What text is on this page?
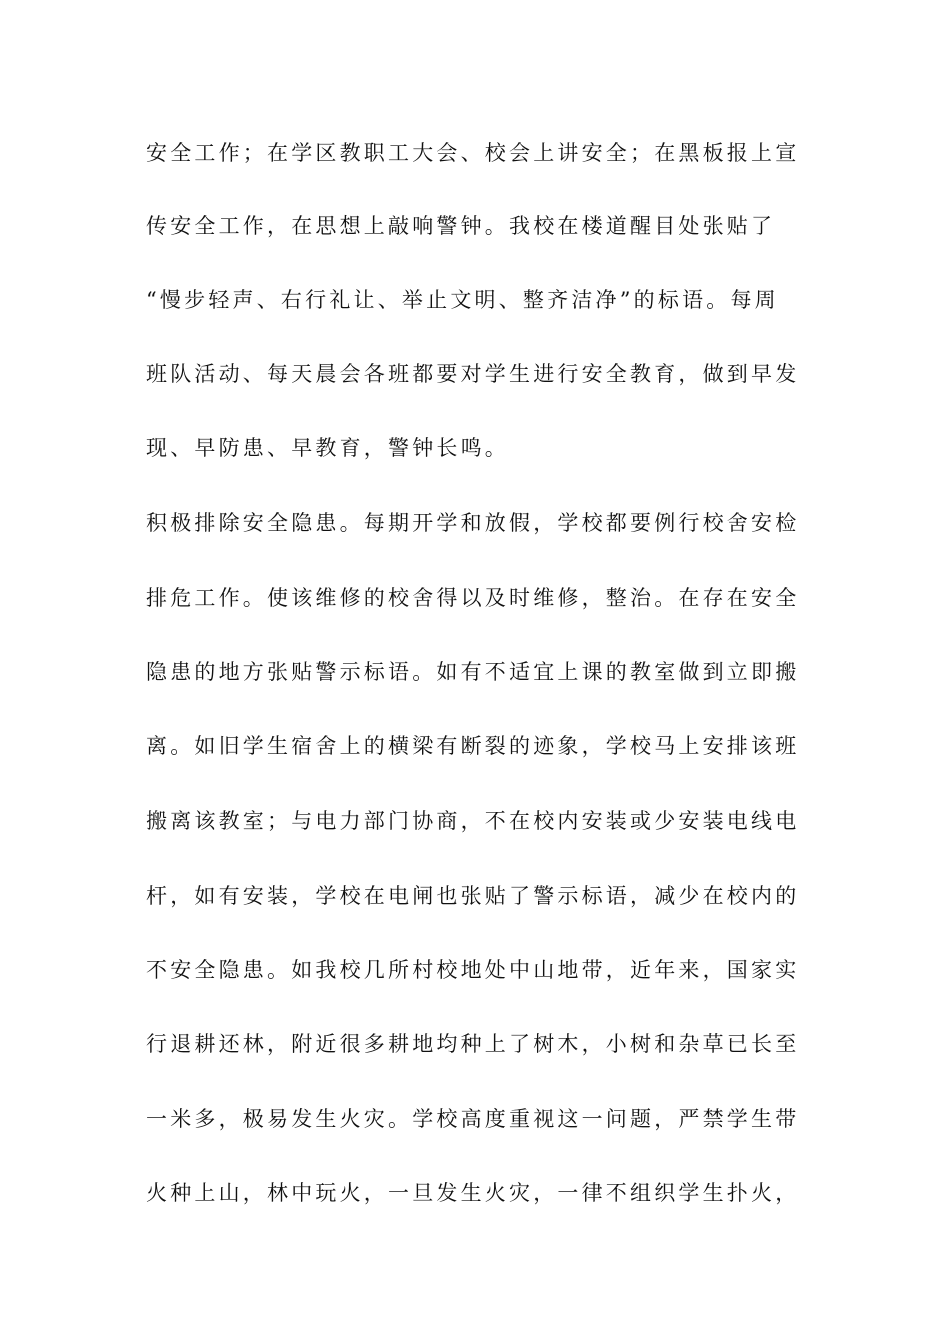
安全工作；在学区教职工大会、校会上讲安全；在黑板报上宣
传安全工作，在思想上敲响警钟。我校在楼道醒目处张贴了
“慢步轻声、右行礼让、举止文明、整齐洁净”的标语。每周
班队活动、每天晨会各班都要对学生进行安全教育，做到早发
现、早防患、早教育，警钟长鸣。
积极排除安全隐患。每期开学和放假，学校都要例行校舍安检
排危工作。使该维修的校舍得以及时维修，整治。在存在安全
隐患的地方张贴警示标语。如有不适宜上课的教室做到立即搬
离。如旧学生宿舍上的横梁有断裂的迹象，学校马上安排该班
搬离该教室；与电力部门协商，不在校内安装或少安装电线电
杆，如有安装，学校在电闸也张贴了警示标语，减少在校内的
不安全隐患。如我校几所村校地处中山地带，近年来，国家实
行退耕还林，附近很多耕地均种上了树木，小树和杂草已长至
一米多，极易发生火灾。学校高度重视这一问题，严禁学生带
火种上山，林中玩火，一旦发生火灾，一律不组织学生扑火，
